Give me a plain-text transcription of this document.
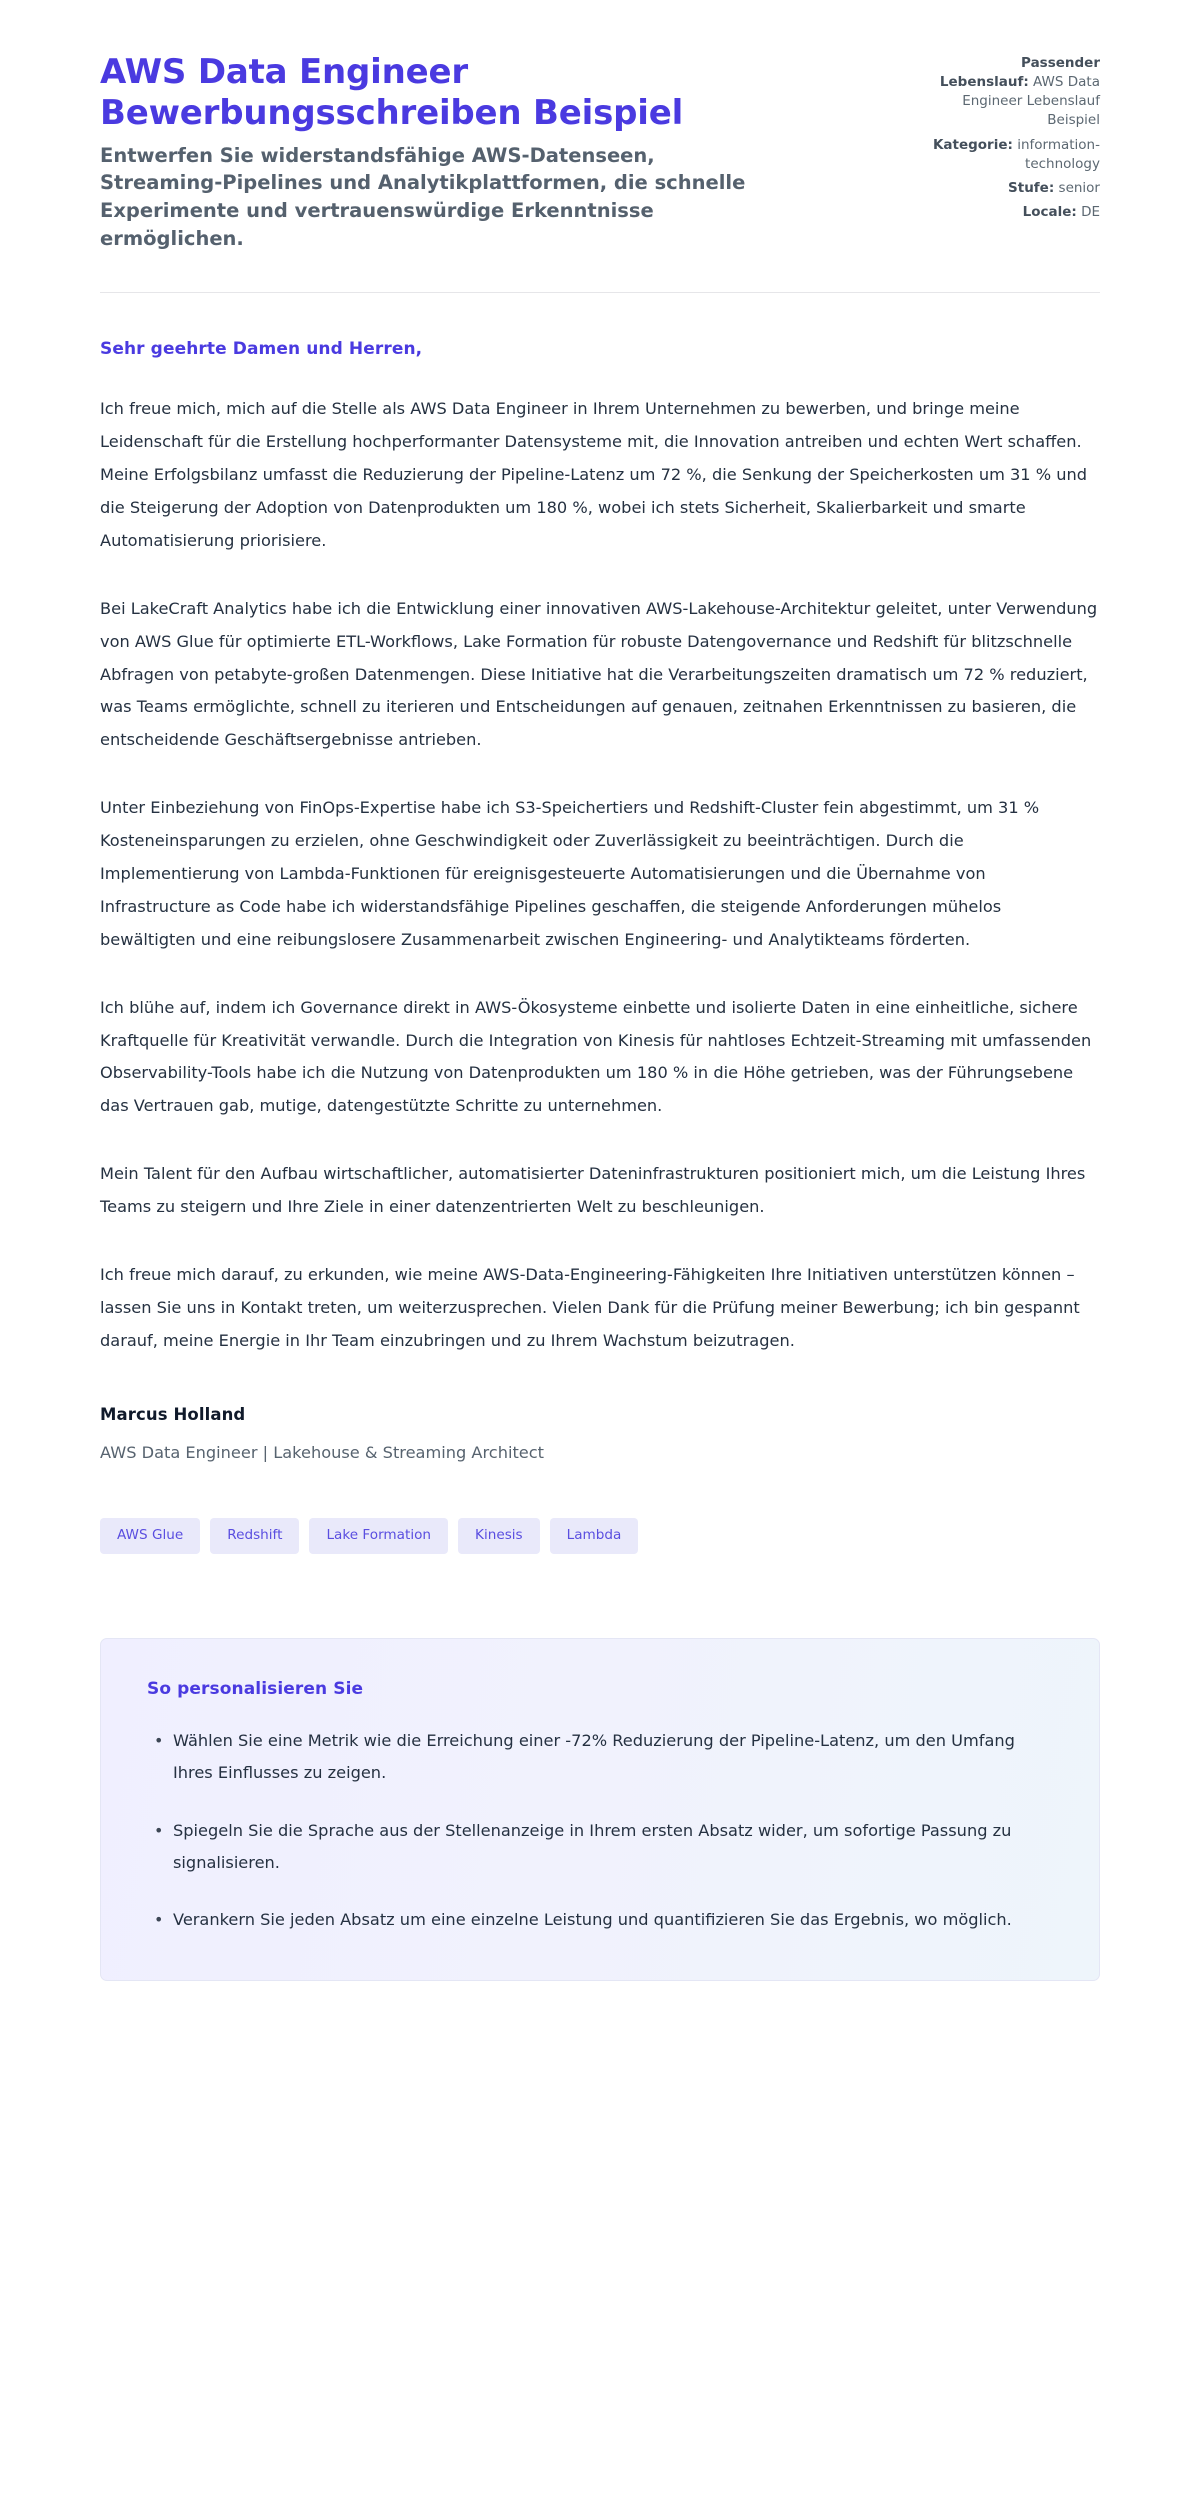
AWS Data Engineer Bewerbungsschreiben Beispiel

Entwerfen Sie widerstandsfähige AWS-Datenseen, Streaming-Pipelines und Analytikplattformen, die schnelle Experimente und vertrauenswürdige Erkenntnisse ermöglichen.

Passender Lebenslauf: AWS Data Engineer Lebenslauf Beispiel
Kategorie: information-technology
Stufe: senior
Locale: DE

Sehr geehrte Damen und Herren,

Ich freue mich, mich auf die Stelle als AWS Data Engineer in Ihrem Unternehmen zu bewerben, und bringe meine Leidenschaft für die Erstellung hochperformanter Datensysteme mit, die Innovation antreiben und echten Wert schaffen. Meine Erfolgsbilanz umfasst die Reduzierung der Pipeline-Latenz um 72 %, die Senkung der Speicherkosten um 31 % und die Steigerung der Adoption von Datenprodukten um 180 %, wobei ich stets Sicherheit, Skalierbarkeit und smarte Automatisierung priorisiere.

Bei LakeCraft Analytics habe ich die Entwicklung einer innovativen AWS-Lakehouse-Architektur geleitet, unter Verwendung von AWS Glue für optimierte ETL-Workflows, Lake Formation für robuste Datengovernance und Redshift für blitzschnelle Abfragen von petabyte-großen Datenmengen. Diese Initiative hat die Verarbeitungszeiten dramatisch um 72 % reduziert, was Teams ermöglichte, schnell zu iterieren und Entscheidungen auf genauen, zeitnahen Erkenntnissen zu basieren, die entscheidende Geschäftsergebnisse antrieben.

Unter Einbeziehung von FinOps-Expertise habe ich S3-Speichertiers und Redshift-Cluster fein abgestimmt, um 31 % Kosteneinsparungen zu erzielen, ohne Geschwindigkeit oder Zuverlässigkeit zu beeinträchtigen. Durch die Implementierung von Lambda-Funktionen für ereignisgesteuerte Automatisierungen und die Übernahme von Infrastructure as Code habe ich widerstandsfähige Pipelines geschaffen, die steigende Anforderungen mühelos bewältigten und eine reibungslosere Zusammenarbeit zwischen Engineering- und Analytikteams förderten.

Ich blühe auf, indem ich Governance direkt in AWS-Ökosysteme einbette und isolierte Daten in eine einheitliche, sichere Kraftquelle für Kreativität verwandle. Durch die Integration von Kinesis für nahtloses Echtzeit-Streaming mit umfassenden Observability-Tools habe ich die Nutzung von Datenprodukten um 180 % in die Höhe getrieben, was der Führungsebene das Vertrauen gab, mutige, datengestützte Schritte zu unternehmen.

Mein Talent für den Aufbau wirtschaftlicher, automatisierter Dateninfrastrukturen positioniert mich, um die Leistung Ihres Teams zu steigern und Ihre Ziele in einer datenzentrierten Welt zu beschleunigen.

Ich freue mich darauf, zu erkunden, wie meine AWS-Data-Engineering-Fähigkeiten Ihre Initiativen unterstützen können – lassen Sie uns in Kontakt treten, um weiterzusprechen. Vielen Dank für die Prüfung meiner Bewerbung; ich bin gespannt darauf, meine Energie in Ihr Team einzubringen und zu Ihrem Wachstum beizutragen.

Marcus Holland

AWS Data Engineer | Lakehouse & Streaming Architect

AWS Glue	Redshift	Lake Formation	Kinesis	Lambda

So personalisieren Sie

• Wählen Sie eine Metrik wie die Erreichung einer -72% Reduzierung der Pipeline-Latenz, um den Umfang Ihres Einflusses zu zeigen.
• Spiegeln Sie die Sprache aus der Stellenanzeige in Ihrem ersten Absatz wider, um sofortige Passung zu signalisieren.
• Verankern Sie jeden Absatz um eine einzelne Leistung und quantifizieren Sie das Ergebnis, wo möglich.
